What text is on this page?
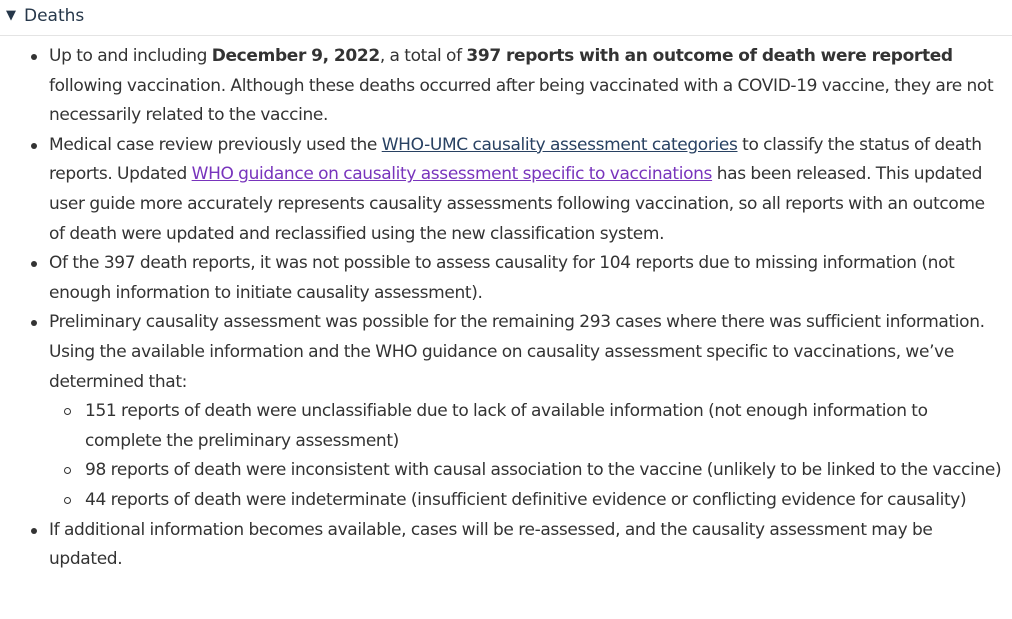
▼ Deaths
Up to and including December 9, 2022, a total of 397 reports with an outcome of death were reported following vaccination. Although these deaths occurred after being vaccinated with a COVID-19 vaccine, they are not necessarily related to the vaccine.
Medical case review previously used the WHO-UMC causality assessment categories to classify the status of death reports. Updated WHO guidance on causality assessment specific to vaccinations has been released. This updated user guide more accurately represents causality assessments following vaccination, so all reports with an outcome of death were updated and reclassified using the new classification system.
Of the 397 death reports, it was not possible to assess causality for 104 reports due to missing information (not enough information to initiate causality assessment).
Preliminary causality assessment was possible for the remaining 293 cases where there was sufficient information. Using the available information and the WHO guidance on causality assessment specific to vaccinations, we’ve determined that:
151 reports of death were unclassifiable due to lack of available information (not enough information to complete the preliminary assessment)
98 reports of death were inconsistent with causal association to the vaccine (unlikely to be linked to the vaccine)
44 reports of death were indeterminate (insufficient definitive evidence or conflicting evidence for causality)
If additional information becomes available, cases will be re-assessed, and the causality assessment may be updated.
